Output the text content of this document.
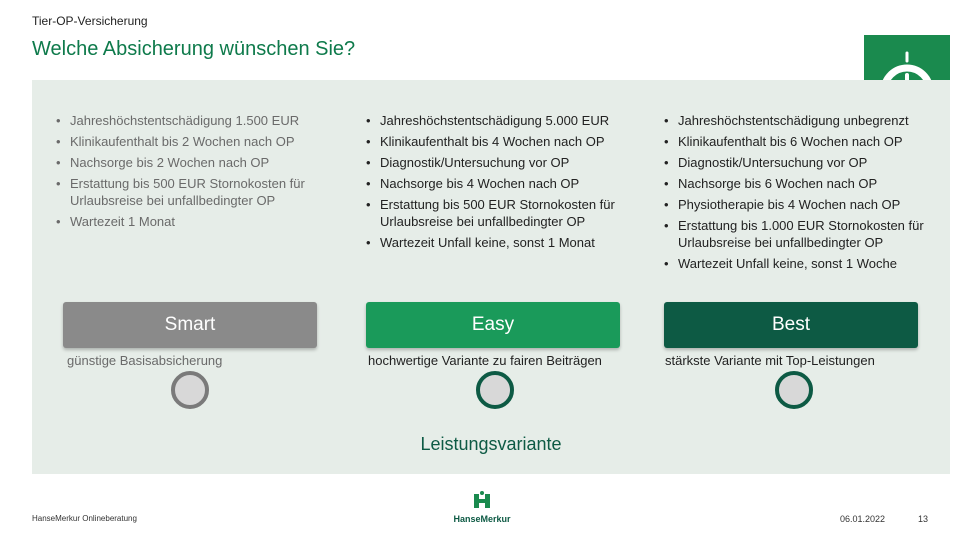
Tier-OP-Versicherung
Welche Absicherung wünschen Sie?
• Jahreshöchstentschädigung 1.500 EUR
• Klinikaufenthalt bis 2 Wochen nach OP
• Nachsorge bis 2 Wochen nach OP
• Erstattung bis 500 EUR Stornokosten für Urlaubsreise bei unfallbedingter OP
• Wartezeit 1 Monat
• Jahreshöchstentschädigung 5.000 EUR
• Klinikaufenthalt bis 4 Wochen nach OP
• Diagnostik/Untersuchung vor OP
• Nachsorge bis 4 Wochen nach OP
• Erstattung bis 500 EUR Stornokosten für Urlaubsreise bei unfallbedingter OP
• Wartezeit Unfall keine, sonst 1 Monat
• Jahreshöchstentschädigung unbegrenzt
• Klinikaufenthalt bis 6 Wochen nach OP
• Diagnostik/Untersuchung vor OP
• Nachsorge bis 6 Wochen nach OP
• Physiotherapie bis 4 Wochen nach OP
• Erstattung bis 1.000 EUR Stornokosten für Urlaubsreise bei unfallbedingter OP
• Wartezeit Unfall keine, sonst 1 Woche
Smart	Easy	Best
günstige Basisabsicherung	hochwertige Variante zu fairen Beiträgen	stärkste Variante mit Top-Leistungen
Leistungsvariante
HanseMerkur Onlineberatung	HanseMerkur	06.01.2022	13
